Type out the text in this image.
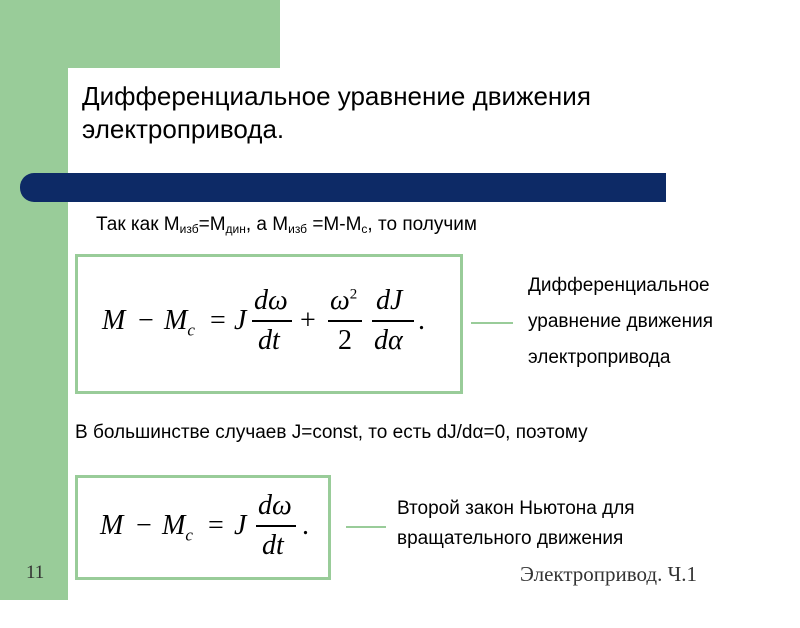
Дифференциальное уравнение движения
электропривода.
Так как $М_{изб}=М_{дин}$, а $М_{изб} =М-М_с$, то получим
$M - M_c = J$
dω
dt
+
$\omega^2$
2
dJ
dα
.
Дифференциальное
уравнение движения
электропривода
В большинстве случаев J=const, то есть dJ/dα=0, поэтому
$M - M_c = J$
dω
dt
.
Второй закон Ньютона для
вращательного движения
11	Электропривод. Ч.1
